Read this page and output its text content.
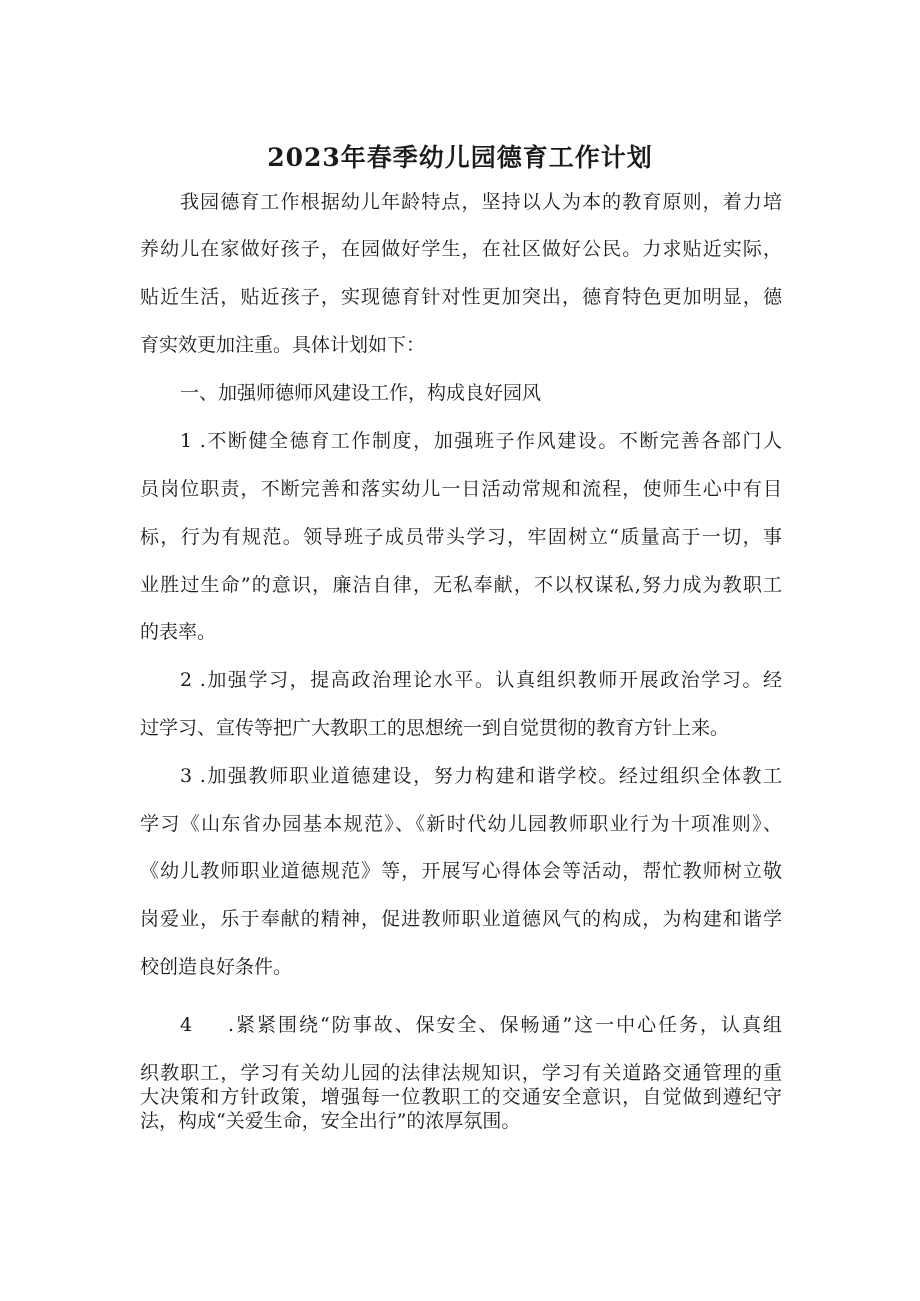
2023年春季幼儿园德育工作计划
我园德育工作根据幼儿年龄特点，坚持以人为本的教育原则，着力培
养幼儿在家做好孩子，在园做好学生，在社区做好公民。力求贴近实际，
贴近生活，贴近孩子，实现德育针对性更加突出，德育特色更加明显，德
育实效更加注重。具体计划如下：
一、加强师德师风建设工作，构成良好园风
1 .不断健全德育工作制度，加强班子作风建设。不断完善各部门人
员岗位职责，不断完善和落实幼儿一日活动常规和流程，使师生心中有目
标，行为有规范。领导班子成员带头学习，牢固树立“质量高于一切，事
业胜过生命”的意识，廉洁自律，无私奉献，不以权谋私,努力成为教职工
的表率。
2 .加强学习，提高政治理论水平。认真组织教师开展政治学习。经
过学习、宣传等把广大教职工的思想统一到自觉贯彻的教育方针上来。
3 .加强教师职业道德建设，努力构建和谐学校。经过组织全体教工
学习《山东省办园基本规范》、《新时代幼儿园教师职业行为十项准则》、
《幼儿教师职业道德规范》等，开展写心得体会等活动，帮忙教师树立敬
岗爱业，乐于奉献的精神，促进教师职业道德风气的构成，为构建和谐学
校创造良好条件。
4 .紧紧围绕“防事故、保安全、保畅通”这一中心任务，认真组
织教职工，学习有关幼儿园的法律法规知识，学习有关道路交通管理的重
大决策和方针政策，增强每一位教职工的交通安全意识，自觉做到遵纪守
法，构成“关爱生命，安全出行”的浓厚氛围。
